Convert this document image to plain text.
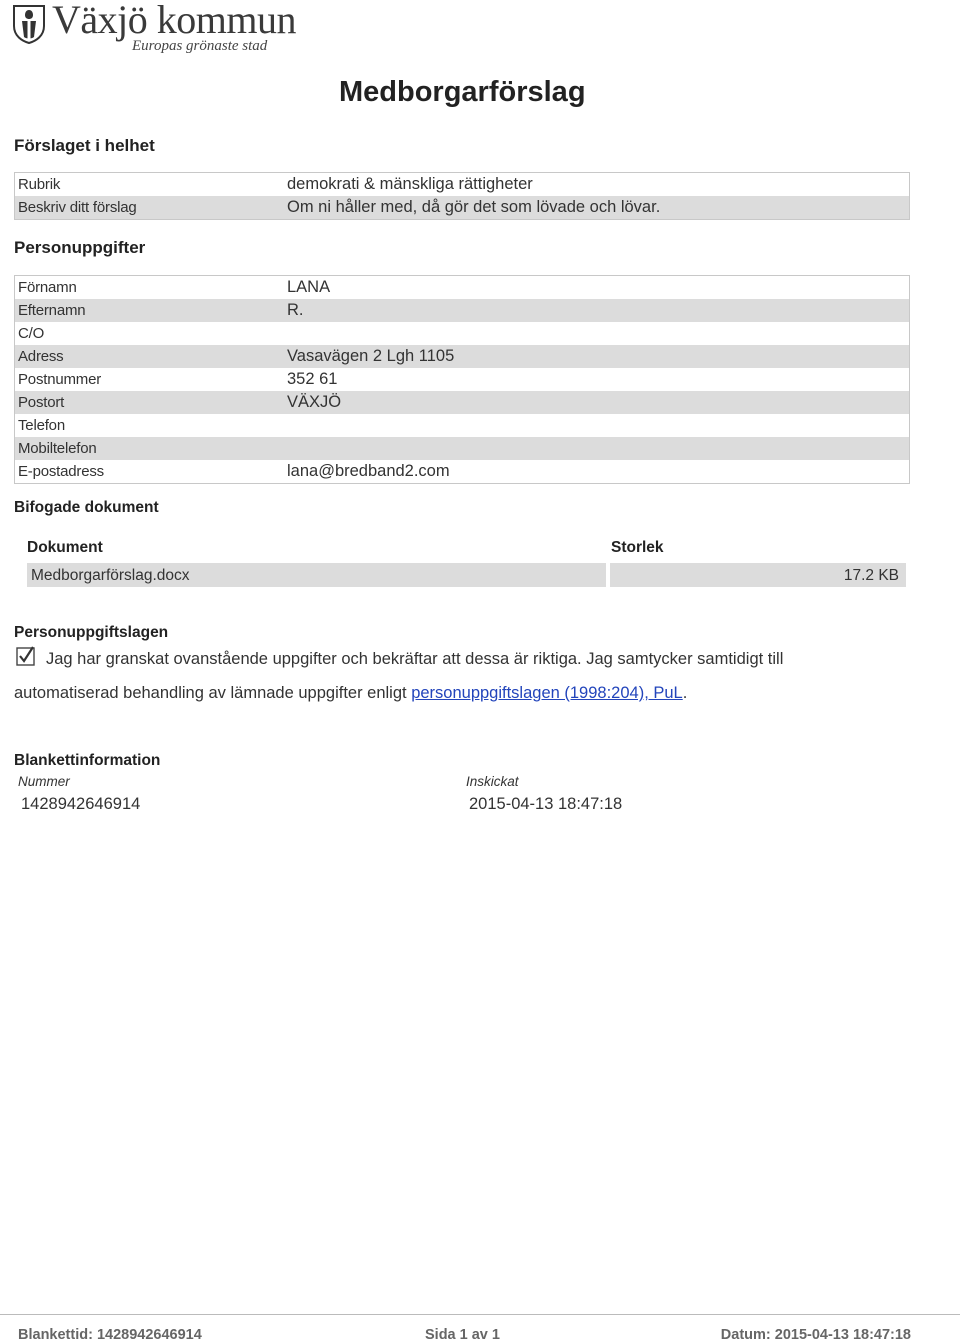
Växjö kommun
Europas grönaste stad
Medborgarförslag
Förslaget i helhet
Rubrik	demokrati & mänskliga rättigheter
Beskriv ditt förslag	Om ni håller med, då gör det som lövade och lövar.
Personuppgifter
Förnamn	LANA
Efternamn	R.
C/O
Adress	Vasavägen 2 Lgh 1105
Postnummer	352 61
Postort	VÄXJÖ
Telefon
Mobiltelefon
E-postadress	lana@bredband2.com
Bifogade dokument
Dokument	Storlek
Medborgarförslag.docx	17.2 KB
Personuppgiftslagen
Jag har granskat ovanstående uppgifter och bekräftar att dessa är riktiga. Jag samtycker samtidigt till
automatiserad behandling av lämnade uppgifter enligt personuppgiftslagen (1998:204), PuL.
Blankettinformation
Nummer
1428942646914
Inskickat
2015-04-13 18:47:18
Blankettid: 1428942646914	Sida 1 av 1	Datum: 2015-04-13 18:47:18
